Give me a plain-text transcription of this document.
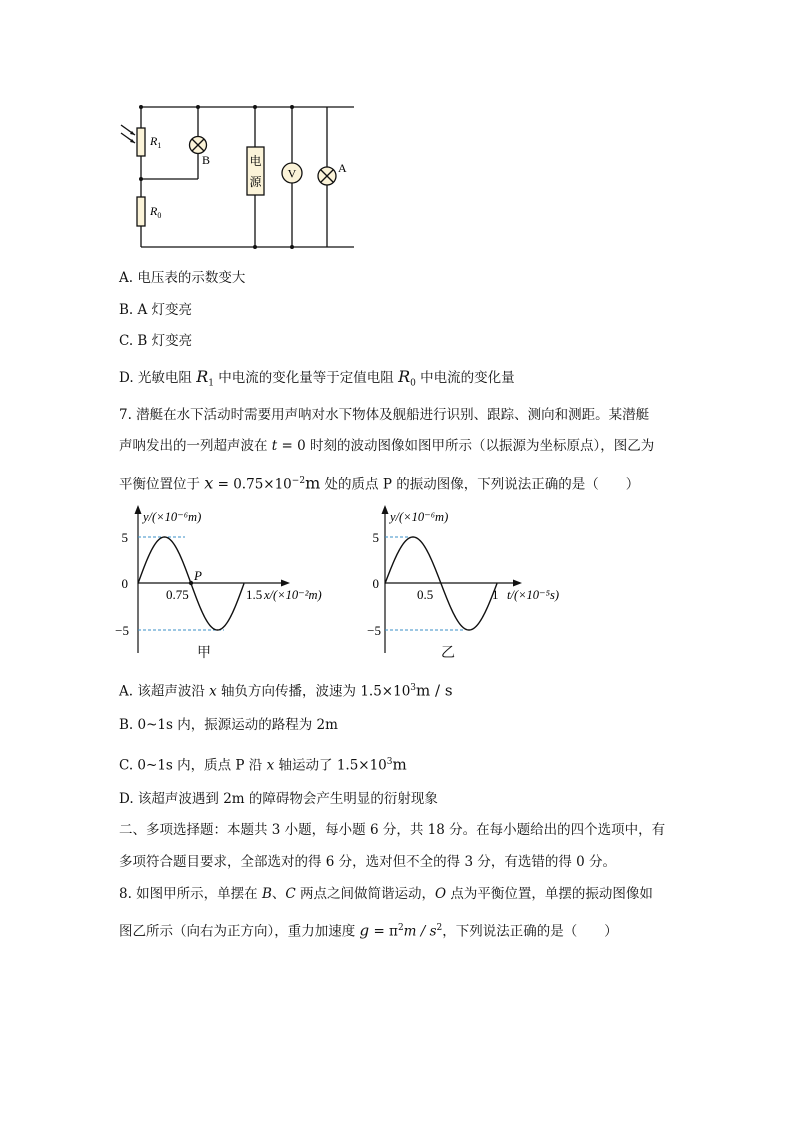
V
电
源
$R_1$
$R_0$
B
A
A. 电压表的示数变大
B. A 灯变亮
C. B 灯变亮
D. 光敏电阻 $R_1$ 中电流的变化量等于定值电阻 $R_0$ 中电流的变化量
7. 潜艇在水下活动时需要用声呐对水下物体及舰船进行识别、跟踪、测向和测距。某潜艇
声呐发出的一列超声波在 t = 0 时刻的波动图像如图甲所示（以振源为坐标原点），图乙为
平衡位置位于 $x = 0.75\times 10^{-2}m$ 处的质点 P 的振动图像，下列说法正确的是（　　）
P
y/(×10⁻⁶m)
x/(×10⁻²m)
5
0
−5
0.75	1.5
甲
y/(×10⁻⁶m)
t/(×10⁻⁵s)
5
0
−5
0.5	1
乙
A. 该超声波沿 x 轴负方向传播，波速为 $1.5\times 10^3m / s$
B. 0~1s 内，振源运动的路程为 2m
C. 0~1s 内，质点 P 沿 x 轴运动了 $1.5\times 10^3m$
D. 该超声波遇到 2m 的障碍物会产生明显的衍射现象
二、多项选择题：本题共 3 小题，每小题 6 分，共 18 分。在每小题给出的四个选项中，有
多项符合题目要求，全部选对的得 6 分，选对但不全的得 3 分，有选错的得 0 分。
8. 如图甲所示，单摆在 B、C 两点之间做简谐运动，O 点为平衡位置，单摆的振动图像如
图乙所示（向右为正方向），重力加速度 $g = \pi^2m / s^2$，下列说法正确的是（　　）
